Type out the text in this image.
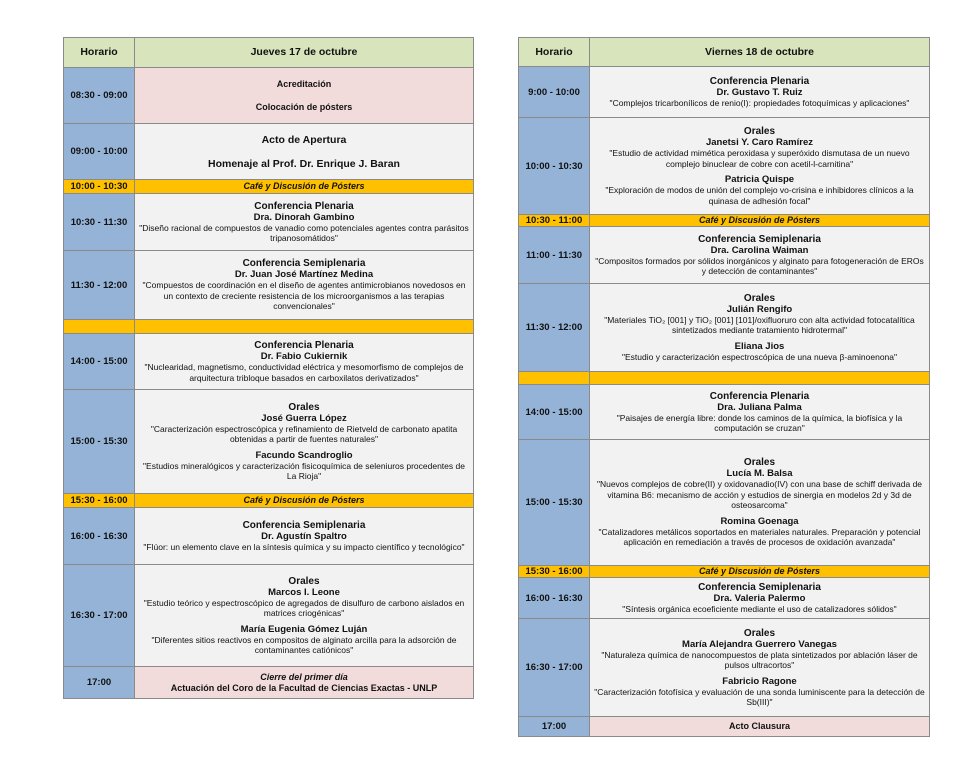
Horario	Jueves 17 de octubre
08:30 - 09:00	Acreditación
Colocación de pósters

09:00 - 10:00	Acto de Apertura
Homenaje al Prof. Dr. Enrique J. Baran

10:00 - 10:30	Café y Discusión de Pósters
10:30 - 11:30	Conferencia Plenaria
Dra. Dinorah Gambino
"Diseño racional de compuestos de vanadio como potenciales agentes contra parásitos tripanosomátidos"

11:30 - 12:00	Conferencia Semiplenaria
Dr. Juan José Martínez Medina
"Compuestos de coordinación en el diseño de agentes antimicrobianos novedosos en un contexto de creciente resistencia de los microorganismos a las terapias convencionales"

14:00 - 15:00	Conferencia Plenaria
Dr. Fabio Cukiernik
"Nuclearidad, magnetismo, conductividad eléctrica y mesomorfismo de complejos de arquitectura tribloque basados en carboxilatos derivatizados"

15:00 - 15:30	Orales
José Guerra López
"Caracterización espectroscópica y refinamiento de Rietveld de carbonato apatita obtenidas a partir de fuentes naturales"
Facundo Scandroglio
"Estudios mineralógicos y caracterización fisicoquímica de seleniuros procedentes de La Rioja"

15:30 - 16:00	Café y Discusión de Pósters
16:00 - 16:30	Conferencia Semiplenaria
Dr. Agustín Spaltro
"Flúor: un elemento clave en la síntesis química y su impacto científico y tecnológico"

16:30 - 17:00	Orales
Marcos I. Leone
"Estudio teórico y espectroscópico de agregados de disulfuro de carbono aislados en matrices criogénicas"
María Eugenia Gómez Luján
"Diferentes sitios reactivos en compositos de alginato arcilla para la adsorción de contaminantes catiónicos"

17:00	Cierre del primer día
Actuación del Coro de la Facultad de Ciencias Exactas - UNLP
Horario	Viernes 18 de octubre
9:00 - 10:00	Conferencia Plenaria
Dr. Gustavo T. Ruiz
"Complejos tricarbonílicos de renio(I): propiedades fotoquímicas y aplicaciones"

10:00 - 10:30	Orales
Janetsi Y. Caro Ramírez
"Estudio de actividad mimética peroxidasa y superóxido dismutasa de un nuevo complejo binuclear de cobre con acetil-l-carnitina"
Patricia Quispe
"Exploración de modos de unión del complejo vo-crisina e inhibidores clínicos a la quinasa de adhesión focal"

10:30 - 11:00	Café y Discusión de Pósters
11:00 - 11:30	Conferencia Semiplenaria
Dra. Carolina Waiman
"Compositos formados por sólidos inorgánicos y alginato para fotogeneración de EROs y detección de contaminantes"

11:30 - 12:00	Orales
Julián Rengifo
"Materiales TiO₂ [001] y TiO₂ [001] [101]/oxifluoruro con alta actividad fotocatalítica sintetizados mediante tratamiento hidrotermal"
Eliana Jios
"Estudio y caracterización espectroscópica de una nueva β-aminoenona"

14:00 - 15:00	Conferencia Plenaria
Dra. Juliana Palma
"Paisajes de energía libre: donde los caminos de la química, la biofísica y la computación se cruzan"

15:00 - 15:30	Orales
Lucía M. Balsa
"Nuevos complejos de cobre(II) y oxidovanadio(IV) con una base de schiff derivada de vitamina B6: mecanismo de acción y estudios de sinergia en modelos 2d y 3d de osteosarcoma"
Romina Goenaga
"Catalizadores metálicos soportados en materiales naturales. Preparación y potencial aplicación en remediación a través de procesos de oxidación avanzada"

15:30 - 16:00	Café y Discusión de Pósters
16:00 - 16:30	Conferencia Semiplenaria
Dra. Valeria Palermo
"Síntesis orgánica ecoeficiente mediante el uso de catalizadores sólidos"

16:30 - 17:00	Orales
María Alejandra Guerrero Vanegas
"Naturaleza química de nanocompuestos de plata sintetizados por ablación láser de pulsos ultracortos"
Fabricio Ragone
"Caracterización fotofísica y evaluación de una sonda luminiscente para la detección de Sb(III)"

17:00	Acto Clausura
